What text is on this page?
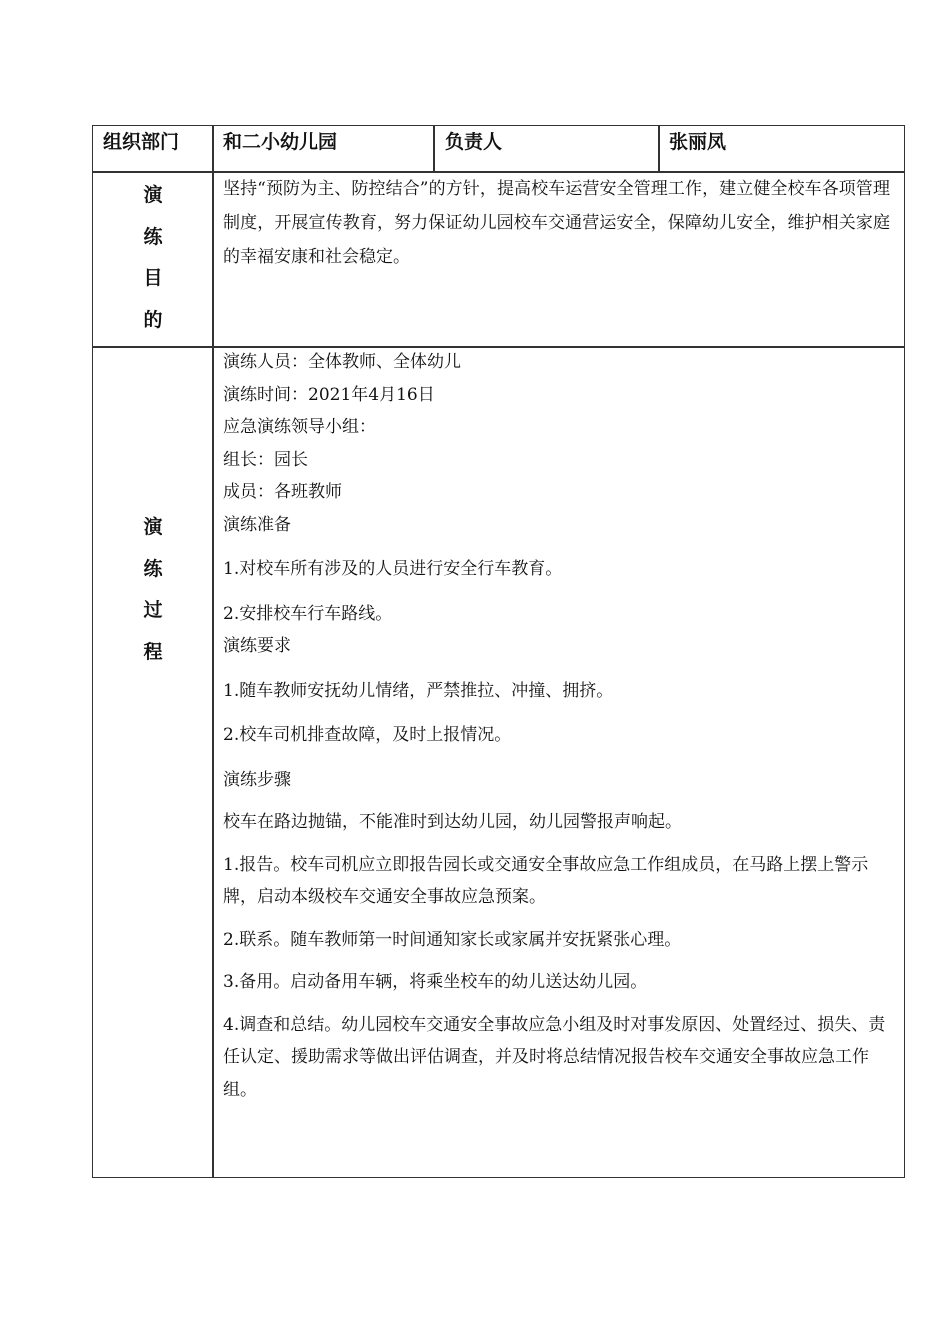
组织部门 和二小幼儿园	负责人	张丽凤
演
练
目
的
坚持“预防为主、防控结合”的方针，提高校车运营安全管理工作，建立健全校车各项管理制度，开展宣传教育，努力保证幼儿园校车交通营运安全，保障幼儿安全，维护相关家庭的幸福安康和社会稳定。
演
练
过
程

演练人员：全体教师、全体幼儿

演练时间：2021年4月16日

应急演练领导小组：

组长：园长

成员：各班教师

演练准备

1.对校车所有涉及的人员进行安全行车教育。

2.安排校车行车路线。

演练要求

1.随车教师安抚幼儿情绪，严禁推拉、冲撞、拥挤。

2.校车司机排查故障，及时上报情况。

演练步骤

校车在路边抛锚，不能准时到达幼儿园，幼儿园警报声响起。

1.报告。校车司机应立即报告园长或交通安全事故应急工作组成员，在马路上摆上警示牌，启动本级校车交通安全事故应急预案。

2.联系。随车教师第一时间通知家长或家属并安抚紧张心理。

3.备用。启动备用车辆，将乘坐校车的幼儿送达幼儿园。

4.调查和总结。幼儿园校车交通安全事故应急小组及时对事发原因、处置经过、损失、责任认定、援助需求等做出评估调查，并及时将总结情况报告校车交通安全事故应急工作组。
